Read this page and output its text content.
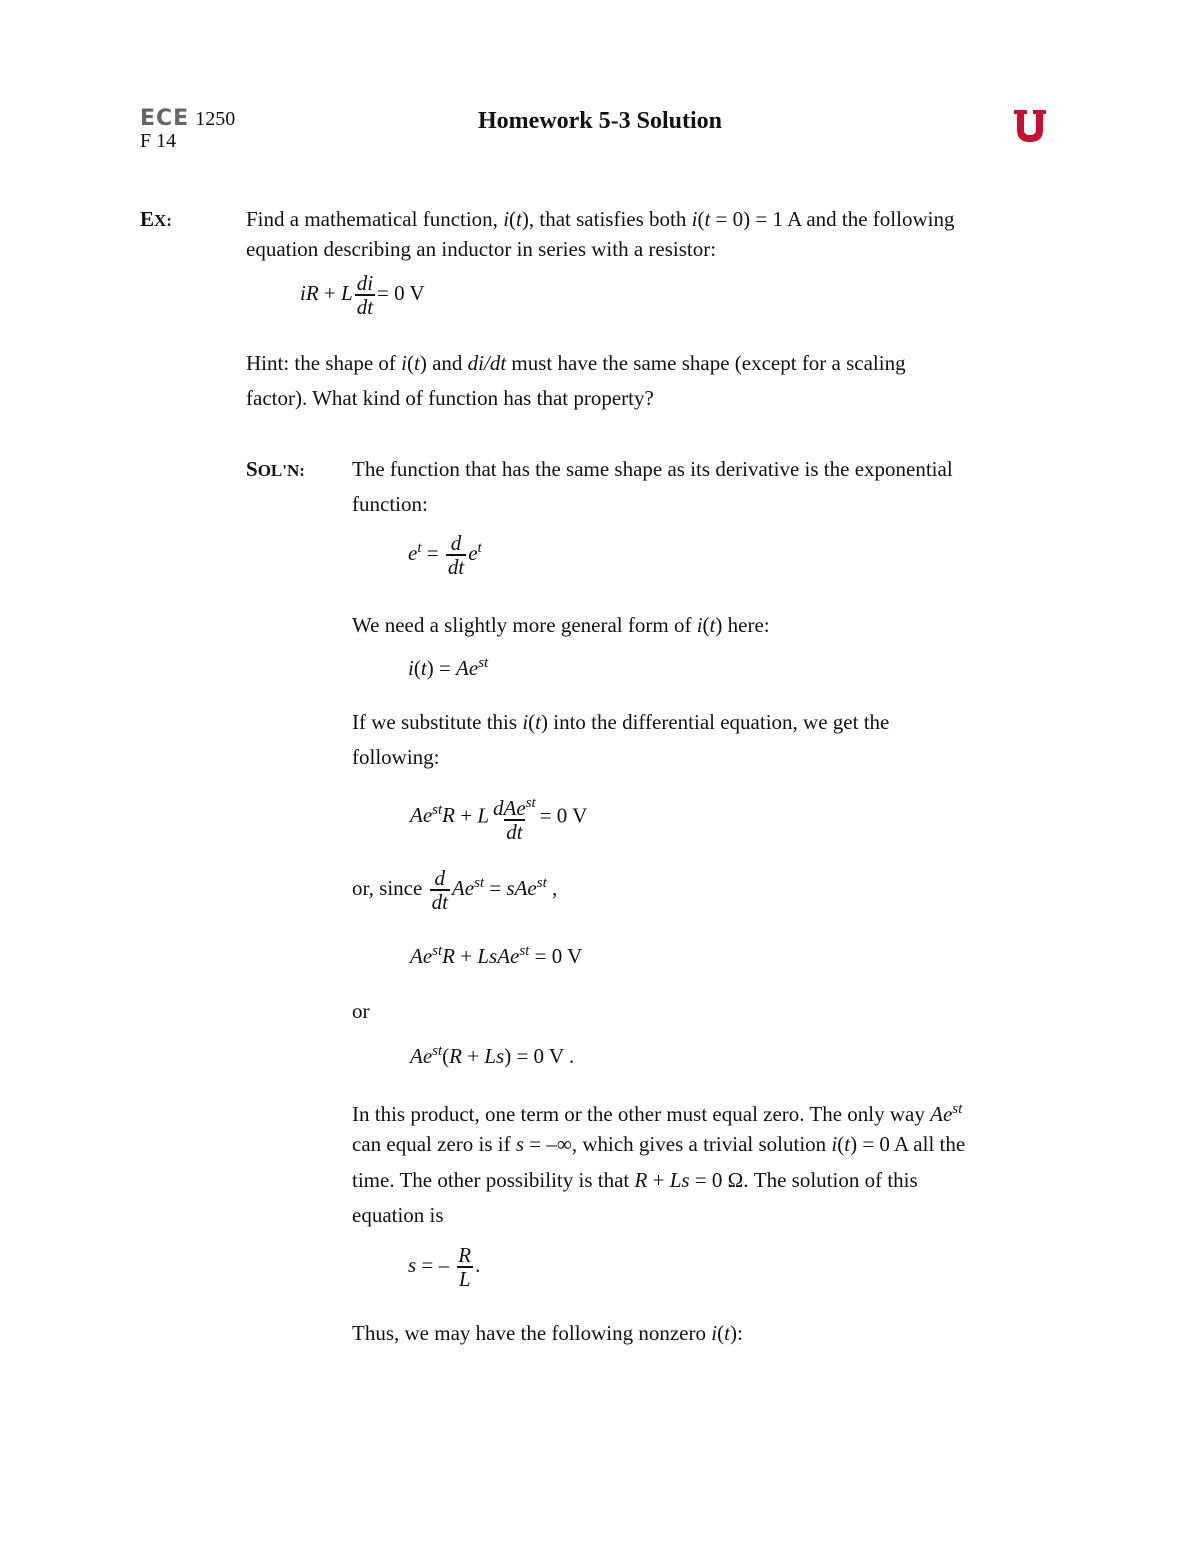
ECE 1250
F 14
Homework 5-3 Solution
EX:	Find a mathematical function, i(t), that satisfies both i(t = 0) = 1 A and the following
equation describing an inductor in series with a resistor:
iR + L $\frac{di}{dt} = 0$ V
Hint: the shape of i(t) and di/dt must have the same shape (except for a scaling
factor). What kind of function has that property?
SOL'N: The function that has the same shape as its derivative is the exponential
function:
$e^t = \frac{d}{dt} e^t$
We need a slightly more general form of i(t) here:
$i(t) = Ae^{st}$
If we substitute this i(t) into the differential equation, we get the
following:
$Ae^{st}R + L \frac{dAe^{st}}{dt} = 0$ V
or, since $\frac{d}{dt} Ae^{st} = sAe^{st}$ ,
$Ae^{st}R$ + LsAe$^{st}$ = 0 V
or
$Ae^{st}(R + Ls) = 0$ V .
In this product, one term or the other must equal zero. The only way $Ae^{st}$
can equal zero is if s = –∞, which gives a trivial solution i(t) = 0 A all the
time. The other possibility is that R + Ls = 0 Ω. The solution of this
equation is
s = – $\frac{R}{L}$ .
Thus, we may have the following nonzero i(t):
